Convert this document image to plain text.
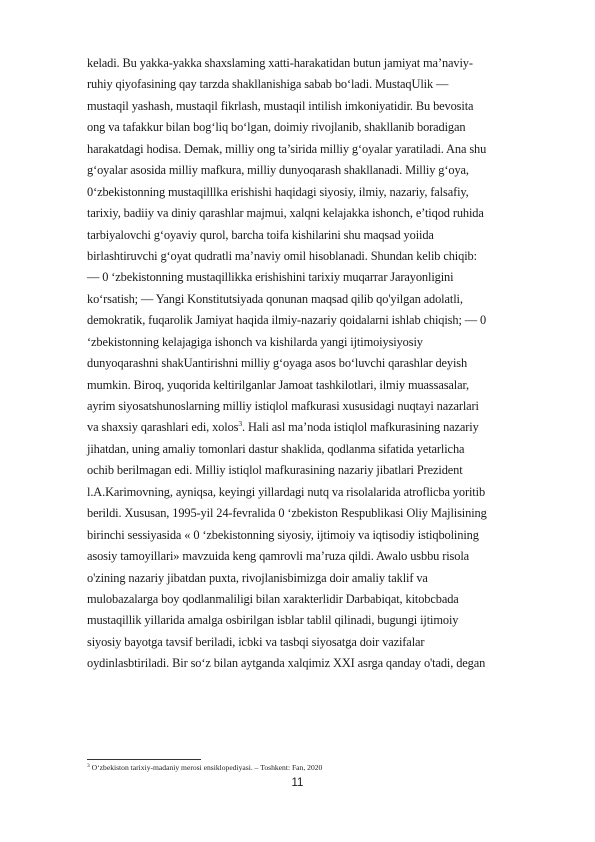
keladi. Bu yakka-yakka shaxslaming xatti-harakatidan butun jamiyat ma’naviy-
ruhiy qiyofasining qay tarzda shakllanishiga sabab bo‘ladi. MustaqUlik —
mustaqil yashash, mustaqil fikrlash, mustaqil intilish imkoniyatidir. Bu bevosita
ong va tafakkur bilan bog‘liq bo‘lgan, doimiy rivojlanib, shakllanib boradigan
harakatdagi hodisa. Demak, milliy ong ta’sirida milliy g‘oyalar yaratiladi. Ana shu
g‘oyalar asosida milliy mafkura, milliy dunyoqarash shakllanadi. Milliy g‘oya,
0‘zbekistonning mustaqilllka erishishi haqidagi siyosiy, ilmiy, nazariy, falsafiy,
tarixiy, badiiy va diniy qarashlar majmui, xalqni kelajakka ishonch, e’tiqod ruhida
tarbiyalovchi g‘oyaviy qurol, barcha toifa kishilarini shu maqsad yoiida
birlashtiruvchi g‘oyat qudratli ma’naviy omil hisoblanadi. Shundan kelib chiqib:
— 0 ‘zbekistonning mustaqillikka erishishini tarixiy muqarrar Jarayonligini
ko‘rsatish; — Yangi Konstitutsiyada qonunan maqsad qilib qo'yilgan adolatli,
demokratik, fuqarolik Jamiyat haqida ilmiy-nazariy qoidalarni ishlab chiqish; — 0
‘zbekistonning kelajagiga ishonch va kishilarda yangi ijtimoiysiyosiy
dunyoqarashni shakUantirishni milliy g‘oyaga asos bo‘luvchi qarashlar deyish
mumkin. Biroq, yuqorida keltirilganlar Jamoat tashkilotlari, ilmiy muassasalar,
ayrim siyosatshunoslarning milliy istiqlol mafkurasi xususidagi nuqtayi nazarlari
va shaxsiy qarashlari edi, xolos$^3$. Hali asl ma’noda istiqlol mafkurasining nazariy
jihatdan, uning amaliy tomonlari dastur shaklida, qodlanma sifatida yetarlicha
ochib berilmagan edi. Milliy istiqlol mafkurasining nazariy jibatlari Prezident
l.A.Karimovning, ayniqsa, keyingi yillardagi nutq va risolalarida atroflicba yoritib
berildi. Xususan, 1995-yil 24-fevralida 0 ‘zbekiston Respublikasi Oliy Majlisining
birinchi sessiyasida « 0 ‘zbekistonning siyosiy, ijtimoiy va iqtisodiy istiqbolining
asosiy tamoyillari» mavzuida keng qamrovli ma’ruza qildi. Awalo usbbu risola
o'zining nazariy jibatdan puxta, rivojlanisbimizga doir amaliy taklif va
mulobazalarga boy qodlanmaliligi bilan xarakterlidir Darbabiqat, kitobcbada
mustaqillik yillarida amalga osbirilgan isblar tablil qilinadi, bugungi ijtimoiy
siyosiy bayotga tavsif beriladi, icbki va tasbqi siyosatga doir vazifalar
oydinlasbtiriladi. Bir so‘z bilan aytganda xalqimiz XXI asrga qanday o'tadi, degan
$^3$ O‘zbekiston tarixiy-madaniy merosi ensiklopediyasi. – Toshkent: Fan, 2020
11
